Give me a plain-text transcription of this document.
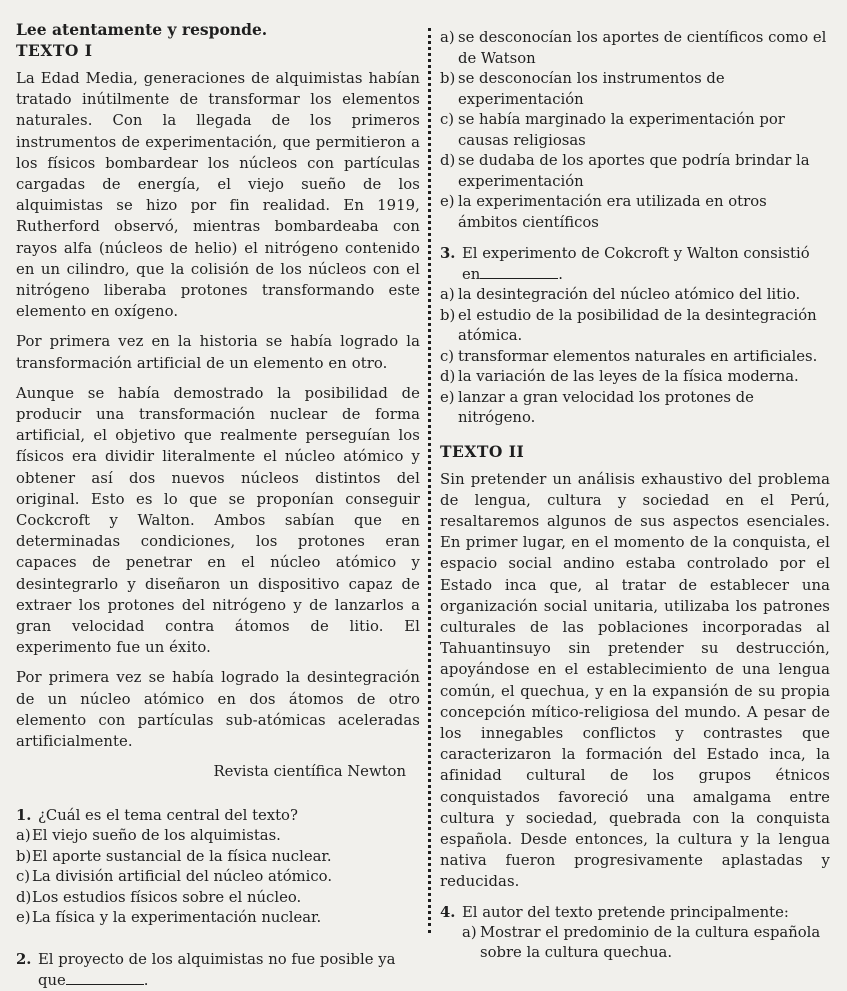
Lee atentamente y responde.

TEXTO I

La Edad Media, generaciones de alquimistas habían tratado inútilmente de transformar los elementos naturales. Con la llegada de los primeros instrumentos de experimentación, que permitieron a los físicos bombardear los núcleos con partículas cargadas de energía, el viejo sueño de los alquimistas se hizo por fin realidad. En 1919, Rutherford observó, mientras bombardeaba con rayos alfa (núcleos de helio) el nitrógeno contenido en un cilindro, que la colisión de los núcleos con el nitrógeno liberaba protones transformando este elemento en oxígeno.

Por primera vez en la historia se había logrado la transformación artificial de un elemento en otro.

Aunque se había demostrado la posibilidad de producir una transformación nuclear de forma artificial, el objetivo que realmente perseguían los físicos era dividir literalmente el núcleo atómico y obtener así dos nuevos núcleos distintos del original. Esto es lo que se proponían conseguir Cockcroft y Walton. Ambos sabían que en determinadas condiciones, los protones eran capaces de penetrar en el núcleo atómico y desintegrarlo y diseñaron un dispositivo capaz de extraer los protones del nitrógeno y de lanzarlos a gran velocidad contra átomos de litio. El experimento fue un éxito.

Por primera vez se había logrado la desintegración de un núcleo atómico en dos átomos de otro elemento con partículas sub-atómicas aceleradas artificialmente.

Revista científica Newton

1. ¿Cuál es el tema central del texto?

a) El viejo sueño de los alquimistas.
b) El aporte sustancial de la física nuclear.
c) La división artificial del núcleo atómico.
d) Los estudios físicos sobre el núcleo.
e) La física y la experimentación nuclear.

2. El proyecto de los alquimistas no fue posible ya

que	.

a) se desconocían los aportes de científicos como el de Watson
b) se desconocían los instrumentos de experimentación
c) se había marginado la experimentación por causas religiosas
d) se dudaba de los aportes que podría brindar la experimentación
e) la experimentación era utilizada en otros ámbitos científicos

3. El experimento de Cokcroft y Walton consistió

en	.

a) la desintegración del núcleo atómico del litio.
b) el estudio de la posibilidad de la desintegración atómica.
c) transformar elementos naturales en artificiales.
d) la variación de las leyes de la física moderna.
e) lanzar a gran velocidad los protones de nitrógeno.

TEXTO II

Sin pretender un análisis exhaustivo del problema de lengua, cultura y sociedad en el Perú, resaltaremos algunos de sus aspectos esenciales. En primer lugar, en el momento de la conquista, el espacio social andino estaba controlado por el Estado inca que, al tratar de establecer una organización social unitaria, utilizaba los patrones culturales de las poblaciones incorporadas al Tahuantinsuyo sin pretender su destrucción, apoyándose en el establecimiento de una lengua común, el quechua, y en la expansión de su propia concepción mítico-religiosa del mundo. A pesar de los innegables conflictos y contrastes que caracterizaron la formación del Estado inca, la afinidad cultural de los grupos étnicos conquistados favoreció una amalgama entre cultura y sociedad, quebrada con la conquista española. Desde entonces, la cultura y la lengua nativa fueron progresivamente aplastadas y reducidas.

4. El autor del texto pretende principalmente:

a) Mostrar el predominio de la cultura española sobre la cultura quechua.
